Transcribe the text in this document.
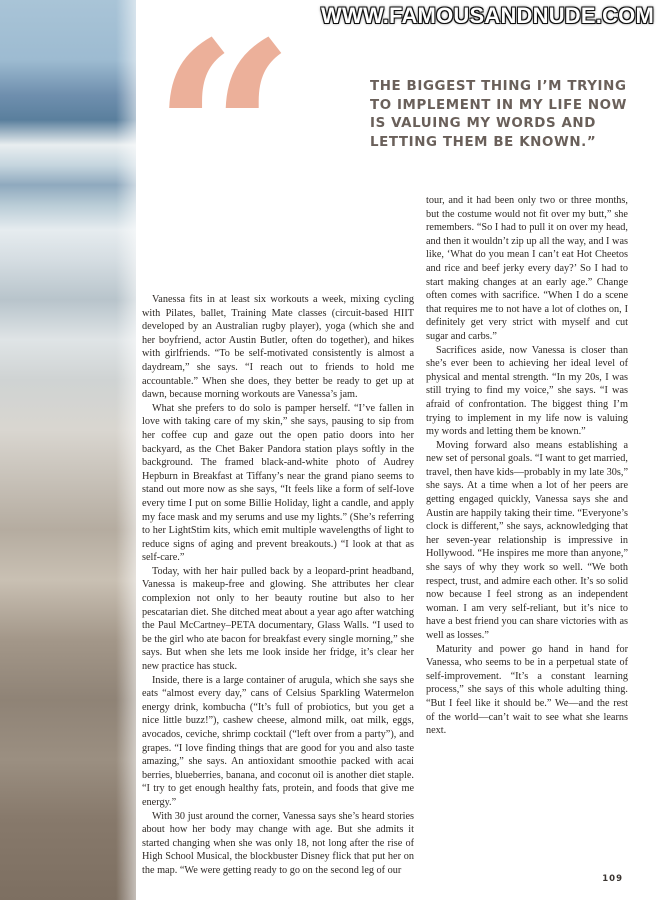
WWW.FAMOUSANDNUDE.COM
“	THE BIGGEST THING I’M TRYING TO IMPLEMENT IN MY LIFE NOW IS VALUING MY WORDS AND LETTING THEM BE KNOWN.”

Vanessa fits in at least six workouts a week, mixing cycling with Pilates, ballet, Training Mate classes (circuit-based HIIT developed by an Australian rugby player), yoga (which she and her boyfriend, actor Austin Butler, often do together), and hikes with girlfriends. “To be self-motivated consistently is almost a daydream,” she says. “I reach out to friends to hold me accountable.” When she does, they better be ready to get up at dawn, because morning workouts are Vanessa’s jam.

What she prefers to do solo is pamper herself. “I’ve fallen in love with taking care of my skin,” she says, pausing to sip from her coffee cup and gaze out the open patio doors into her backyard, as the Chet Baker Pandora station plays softly in the background. The framed black-and-white photo of Audrey Hepburn in Breakfast at Tiffany’s near the grand piano seems to stand out more now as she says, “It feels like a form of self-love every time I put on some Billie Holiday, light a candle, and apply my face mask and my serums and use my lights.” (She’s referring to her LightStim kits, which emit multiple wavelengths of light to reduce signs of aging and prevent breakouts.) “I look at that as self-care.”

Today, with her hair pulled back by a leopard-print headband, Vanessa is makeup-free and glowing. She attributes her clear complexion not only to her beauty routine but also to her pescatarian diet. She ditched meat about a year ago after watching the Paul McCartney–PETA documentary, Glass Walls. “I used to be the girl who ate bacon for breakfast every single morning,” she says. But when she lets me look inside her fridge, it’s clear her new practice has stuck.

Inside, there is a large container of arugula, which she says she eats “almost every day,” cans of Celsius Sparkling Watermelon energy drink, kombucha (“It’s full of probiotics, but you get a nice little buzz!”), cashew cheese, almond milk, oat milk, eggs, avocados, ceviche, shrimp cocktail (“left over from a party”), and grapes. “I love finding things that are good for you and also taste amazing,” she says. An antioxidant smoothie packed with acai berries, blueberries, banana, and coconut oil is another diet staple. “I try to get enough healthy fats, protein, and foods that give me energy.”

With 30 just around the corner, Vanessa says she’s heard stories about how her body may change with age. But she admits it started changing when she was only 18, not long after the rise of High School Musical, the blockbuster Disney flick that put her on the map. “We were getting ready to go on the second leg of our

tour, and it had been only two or three months, but the costume would not fit over my butt,” she remembers. “So I had to pull it on over my head, and then it wouldn’t zip up all the way, and I was like, ‘What do you mean I can’t eat Hot Cheetos and rice and beef jerky every day?’ So I had to start making changes at an early age.” Change often comes with sacrifice. “When I do a scene that requires me to not have a lot of clothes on, I definitely get very strict with myself and cut sugar and carbs.”

Sacrifices aside, now Vanessa is closer than she’s ever been to achieving her ideal level of physical and mental strength. “In my 20s, I was still trying to find my voice,” she says. “I was afraid of confrontation. The biggest thing I’m trying to implement in my life now is valuing my words and letting them be known.”

Moving forward also means establishing a new set of personal goals. “I want to get married, travel, then have kids—probably in my late 30s,” she says. At a time when a lot of her peers are getting engaged quickly, Vanessa says she and Austin are happily taking their time. “Everyone’s clock is different,” she says, acknowledging that her seven-year relationship is impressive in Hollywood. “He inspires me more than anyone,” she says of why they work so well. “We both respect, trust, and admire each other. It’s so solid now because I feel strong as an independent woman. I am very self-reliant, but it’s nice to have a best friend you can share victories with as well as losses.”

Maturity and power go hand in hand for Vanessa, who seems to be in a perpetual state of self-improvement. “It’s a constant learning process,” she says of this whole adulting thing. “But I feel like it should be.” We—and the rest of the world—can’t wait to see what she learns next.

109
